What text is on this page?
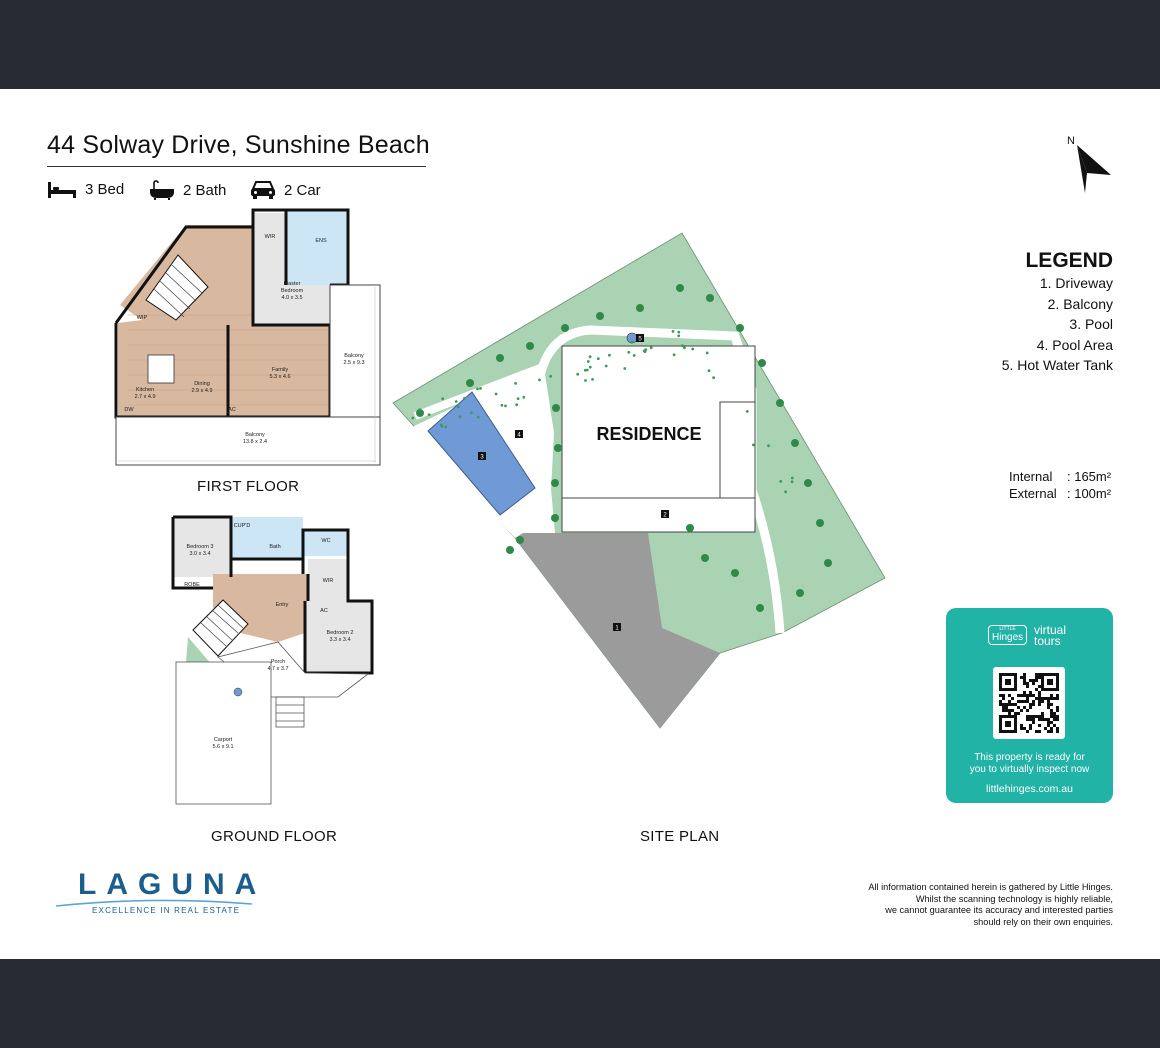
44 Solway Drive, Sunshine Beach
3 Bed	2 Bath	2 Car
WIR
ENS
Master
Bedroom
4.0 x 3.5
WIP
Kitchen
2.7 x 4.9
Dining
2.9 x 4.9
Family
5.3 x 4.6
Balcony
2.5 x 9.3
Balcony
13.8 x 2.4
DW	AC
FIRST FLOOR
Bedroom 3
3.0 x 3.4
ROBE
CUP'D
Bath
WC
Entry
WIR
Bedroom 2
3.3 x 3.4
Porch
4.7 x 3.7
Carport
5.6 x 9.1
AC
GROUND FLOOR
RESIDENCE
1
2
3
4
5
SITE PLAN
N
LEGEND
1. Driveway
2. Balcony
3. Pool
4. Pool Area
5. Hot Water Tank
Internal : 165m²
External : 100m²
LITTLE
Hinges
virtual
tours
This property is ready for
you to virtually inspect now
littlehinges.com.au
LAGUNA
EXCELLENCE IN REAL ESTATE
All information contained herein is gathered by Little Hinges.
Whilst the scanning technology is highly reliable,
we cannot guarantee its accuracy and interested parties
should rely on their own enquiries.
